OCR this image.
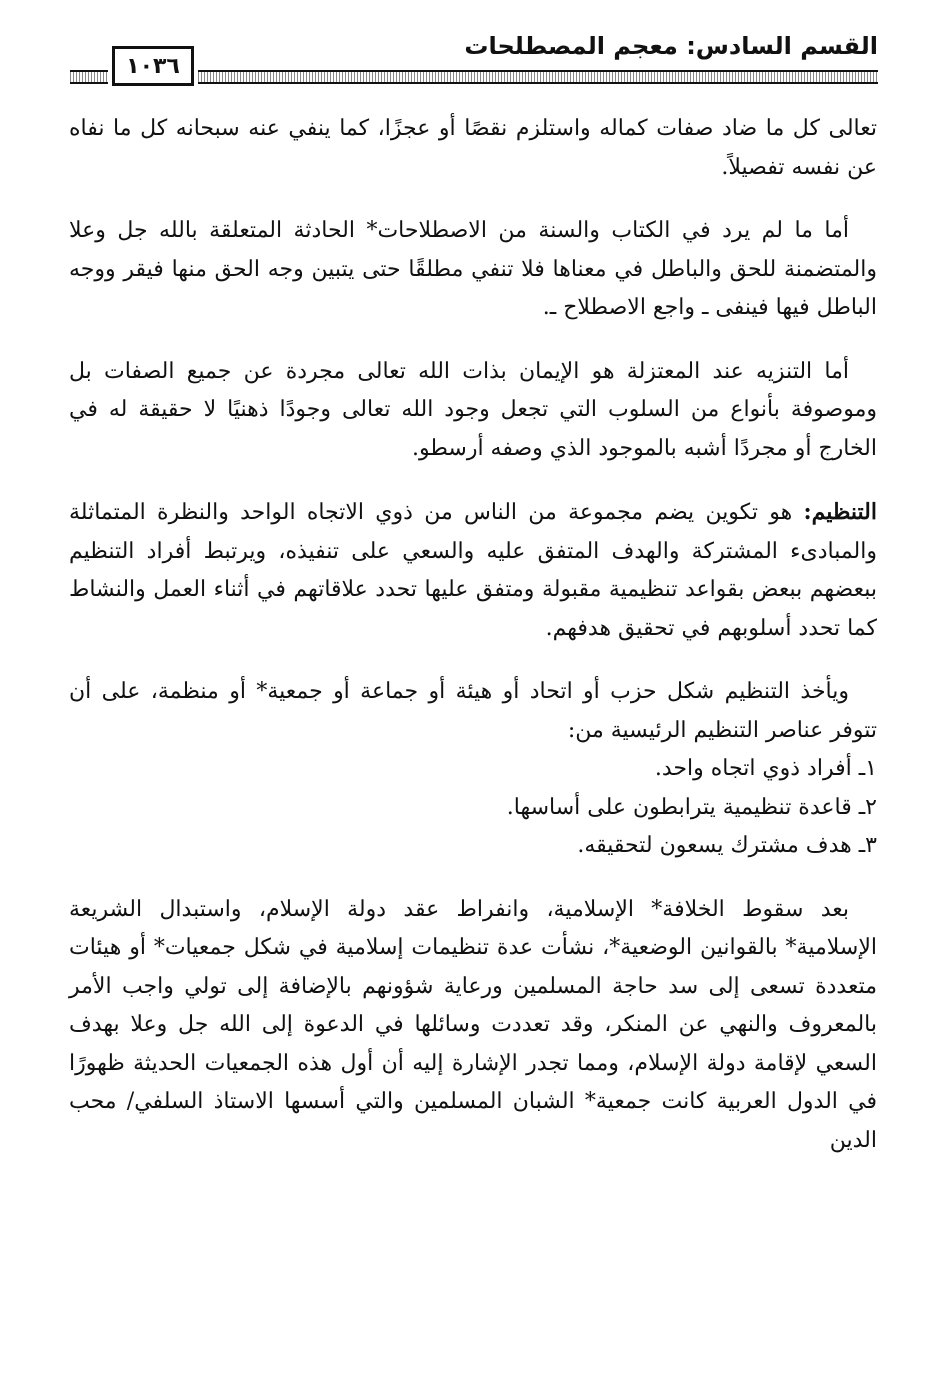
القسم السادس: معجم المصطلحات
١٠٣٦

تعالى كل ما ضاد صفات كماله واستلزم نقصًا أو عجزًا، كما ينفي عنه سبحانه كل ما نفاه عن نفسه تفصيلاً.

أما ما لم يرد في الكتاب والسنة من الاصطلاحات* الحادثة المتعلقة بالله جل وعلا والمتضمنة للحق والباطل في معناها فلا تنفي مطلقًا حتى يتبين وجه الحق منها فيقر ووجه الباطل فيها فينفى ـ واجع الاصطلاح ـ.

أما التنزيه عند المعتزلة هو الإيمان بذات الله تعالى مجردة عن جميع الصفات بل وموصوفة بأنواع من السلوب التي تجعل وجود الله تعالى وجودًا ذهنيًا لا حقيقة له في الخارج أو مجردًا أشبه بالموجود الذي وصفه أرسطو.

التنظيم: هو تكوين يضم مجموعة من الناس من ذوي الاتجاه الواحد والنظرة المتماثلة والمبادىء المشتركة والهدف المتفق عليه والسعي على تنفيذه، ويرتبط أفراد التنظيم ببعضهم ببعض بقواعد تنظيمية مقبولة ومتفق عليها تحدد علاقاتهم في أثناء العمل والنشاط كما تحدد أسلوبهم في تحقيق هدفهم.

ويأخذ التنظيم شكل حزب أو اتحاد أو هيئة أو جماعة أو جمعية* أو منظمة، على أن تتوفر عناصر التنظيم الرئيسية من:

١ـ أفراد ذوي اتجاه واحد.
٢ـ قاعدة تنظيمية يترابطون على أساسها.
٣ـ هدف مشترك يسعون لتحقيقه.

بعد سقوط الخلافة* الإسلامية، وانفراط عقد دولة الإسلام، واستبدال الشريعة الإسلامية* بالقوانين الوضعية*، نشأت عدة تنظيمات إسلامية في شكل جمعيات* أو هيئات متعددة تسعى إلى سد حاجة المسلمين ورعاية شؤونهم بالإضافة إلى تولي واجب الأمر بالمعروف والنهي عن المنكر، وقد تعددت وسائلها في الدعوة إلى الله جل وعلا بهدف السعي لإقامة دولة الإسلام، ومما تجدر الإشارة إليه أن أول هذه الجمعيات الحديثة ظهورًا في الدول العربية كانت جمعية* الشبان المسلمين والتي أسسها الاستاذ السلفي/ محب الدين
